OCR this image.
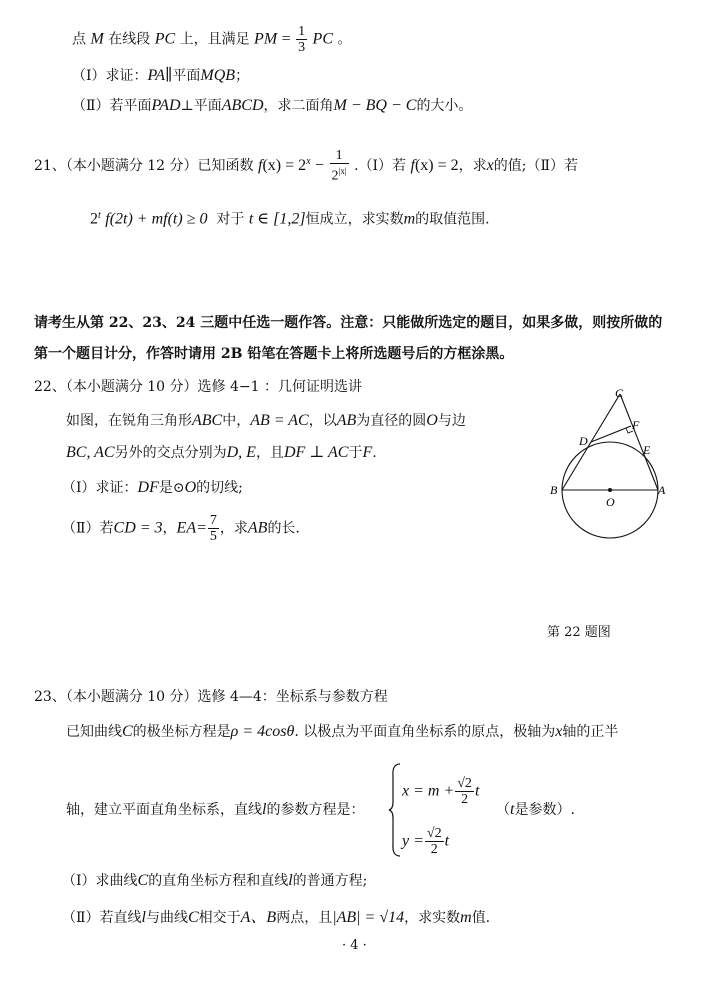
点 M 在线段 PC 上，且满足 PM = $\frac{1}{3}$ PC 。
（Ⅰ）求证：PA∥平面MQB；
（Ⅱ）若平面PAD⊥平面ABCD，求二面角M − BQ − C的大小。
21、（本小题满分 12 分）已知函数 $f(x) = 2^x - \frac{1}{2^{|x|}}$ .（Ⅰ）若 f(x) = 2，求x的值;（Ⅱ）若
2$^t$ f(2t) + mf(t) ≥ 0 对于 t ∈ [1,2]恒成立，求实数m的取值范围.
请考生从第 22、23、24 三题中任选一题作答。注意：只能做所选定的题目，如果多做，则按所做的
第一个题目计分，作答时请用 2B 铅笔在答题卡上将所选题号后的方框涂黑。
22、（本小题满分 10 分）选修 4−1 ：几何证明选讲
如图，在锐角三角形ABC中，AB = AC，以AB为直径的圆O与边
BC, AC另外的交点分别为D, E，且DF ⊥ AC于F.
（Ⅰ）求证：DF是⊙O的切线;
（Ⅱ）若CD = 3，$EA= \frac{7}{5}$ ，求AB的长.
C
F
D
E
B
O
A
第 22 题图
23、（本小题满分 10 分）选修 4—4：坐标系与参数方程
已知曲线C的极坐标方程是ρ = 4cosθ. 以极点为平面直角坐标系的原点，极轴为x轴的正半
轴，建立平面直角坐标系，直线l的参数方程是：
$x = m + \frac{√2}{2}$ t
$y = \frac{√2}{2}$ t
（t是参数）.
（Ⅰ）求曲线C的直角坐标方程和直线l的普通方程;
（Ⅱ）若直线l与曲线C相交于A、B两点，且|AB| = √14，求实数m值.
· 4 ·
